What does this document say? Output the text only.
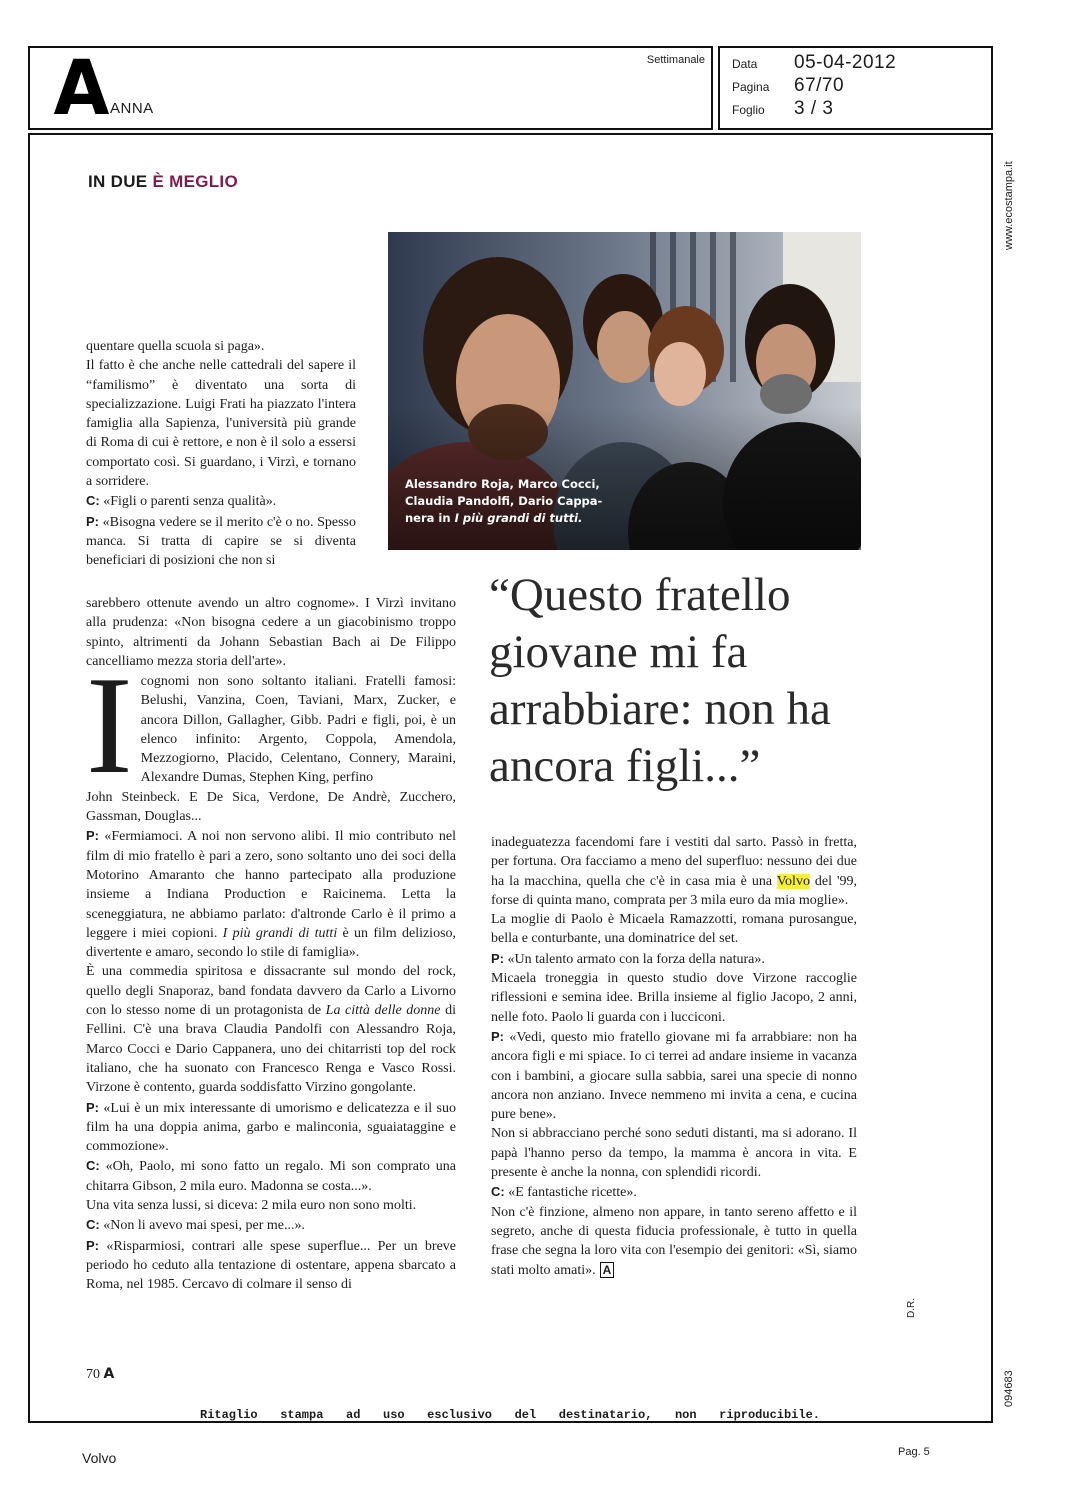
A ANNA
Settimanale Data	05-04-2012
Pagina	67/70
Foglio	3 / 3
www.ecostampa.it
094683
IN DUE È MEGLIO
Alessandro Roja, Marco Cocci,
Claudia Pandolfi, Dario Cappa-
nera in I più grandi di tutti.

quentare quella scuola si paga».

Il fatto è che anche nelle cattedrali del sapere il “familismo” è diventato una sorta di specializzazione. Luigi Frati ha piazzato l'intera famiglia alla Sapienza, l'università più grande di Roma di cui è rettore, e non è il solo a essersi comportato così. Si guardano, i Virzì, e tornano a sorridere.

C: «Figli o parenti senza qualità».

P: «Bisogna vedere se il merito c'è o no. Spesso manca. Si tratta di capire se si diventa beneficiari di posizioni che non si

sarebbero ottenute avendo un altro cognome». I Virzì invitano alla prudenza: «Non bisogna cedere a un giacobinismo troppo spinto, altrimenti da Johann Sebastian Bach ai De Filippo cancelliamo mezza storia dell'arte».

I cognomi non sono soltanto italiani. Fratelli famosi: Belushi, Vanzina, Coen, Taviani, Marx, Zucker, e ancora Dillon, Gallagher, Gibb. Padri e figli, poi, è un elenco infinito: Argento, Coppola, Amendola, Mezzogiorno, Placido, Celentano, Connery, Maraini, Alexandre Dumas, Stephen King, perfino

John Steinbeck. E De Sica, Verdone, De Andrè, Zucchero, Gassman, Douglas...

P: «Fermiamoci. A noi non servono alibi. Il mio contributo nel film di mio fratello è pari a zero, sono soltanto uno dei soci della Motorino Amaranto che hanno partecipato alla produzione insieme a Indiana Production e Raicinema. Letta la sceneggiatura, ne abbiamo parlato: d'altronde Carlo è il primo a leggere i miei copioni. I più grandi di tutti è un film delizioso, divertente e amaro, secondo lo stile di famiglia».

È una commedia spiritosa e dissacrante sul mondo del rock, quello degli Snaporaz, band fondata davvero da Carlo a Livorno con lo stesso nome di un protagonista de La città delle donne di Fellini. C'è una brava Claudia Pandolfi con Alessandro Roja, Marco Cocci e Dario Cappanera, uno dei chitarristi top del rock italiano, che ha suonato con Francesco Renga e Vasco Rossi. Virzone è contento, guarda soddisfatto Virzino gongolante.

P: «Lui è un mix interessante di umorismo e delicatezza e il suo film ha una doppia anima, garbo e malinconia, sguaiataggine e commozione».

C: «Oh, Paolo, mi sono fatto un regalo. Mi son comprato una chitarra Gibson, 2 mila euro. Madonna se costa...».

Una vita senza lussi, si diceva: 2 mila euro non sono molti.

C: «Non li avevo mai spesi, per me...».

P: «Risparmiosi, contrari alle spese superflue... Per un breve periodo ho ceduto alla tentazione di ostentare, appena sbarcato a Roma, nel 1985. Cercavo di colmare il senso di

“Questo fratello giovane mi fa arrabbiare: non ha ancora figli...”

inadeguatezza facendomi fare i vestiti dal sarto. Passò in fretta, per fortuna. Ora facciamo a meno del superfluo: nessuno dei due ha la macchina, quella che c'è in casa mia è una Volvo del '99, forse di quinta mano, comprata per 3 mila euro da mia moglie».

La moglie di Paolo è Micaela Ramazzotti, romana purosangue, bella e conturbante, una dominatrice del set.

P: «Un talento armato con la forza della natura».

Micaela troneggia in questo studio dove Virzone raccoglie riflessioni e semina idee. Brilla insieme al figlio Jacopo, 2 anni, nelle foto. Paolo li guarda con i lucciconi.

P: «Vedi, questo mio fratello giovane mi fa arrabbiare: non ha ancora figli e mi spiace. Io ci terrei ad andare insieme in vacanza con i bambini, a giocare sulla sabbia, sarei una specie di nonno ancora non anziano. Invece nemmeno mi invita a cena, e cucina pure bene».

Non si abbracciano perché sono seduti distanti, ma si adorano. Il papà l'hanno perso da tempo, la mamma è ancora in vita. E presente è anche la nonna, con splendidi ricordi.

C: «E fantastiche ricette».

Non c'è finzione, almeno non appare, in tanto sereno affetto e il segreto, anche di questa fiducia professionale, è tutto in quella frase che segna la loro vita con l'esempio dei genitori: «Sì, siamo stati molto amati». A

D.R.
70 A
Ritaglio stampa ad uso esclusivo del destinatario, non riproducibile.
Volvo	Pag. 5
